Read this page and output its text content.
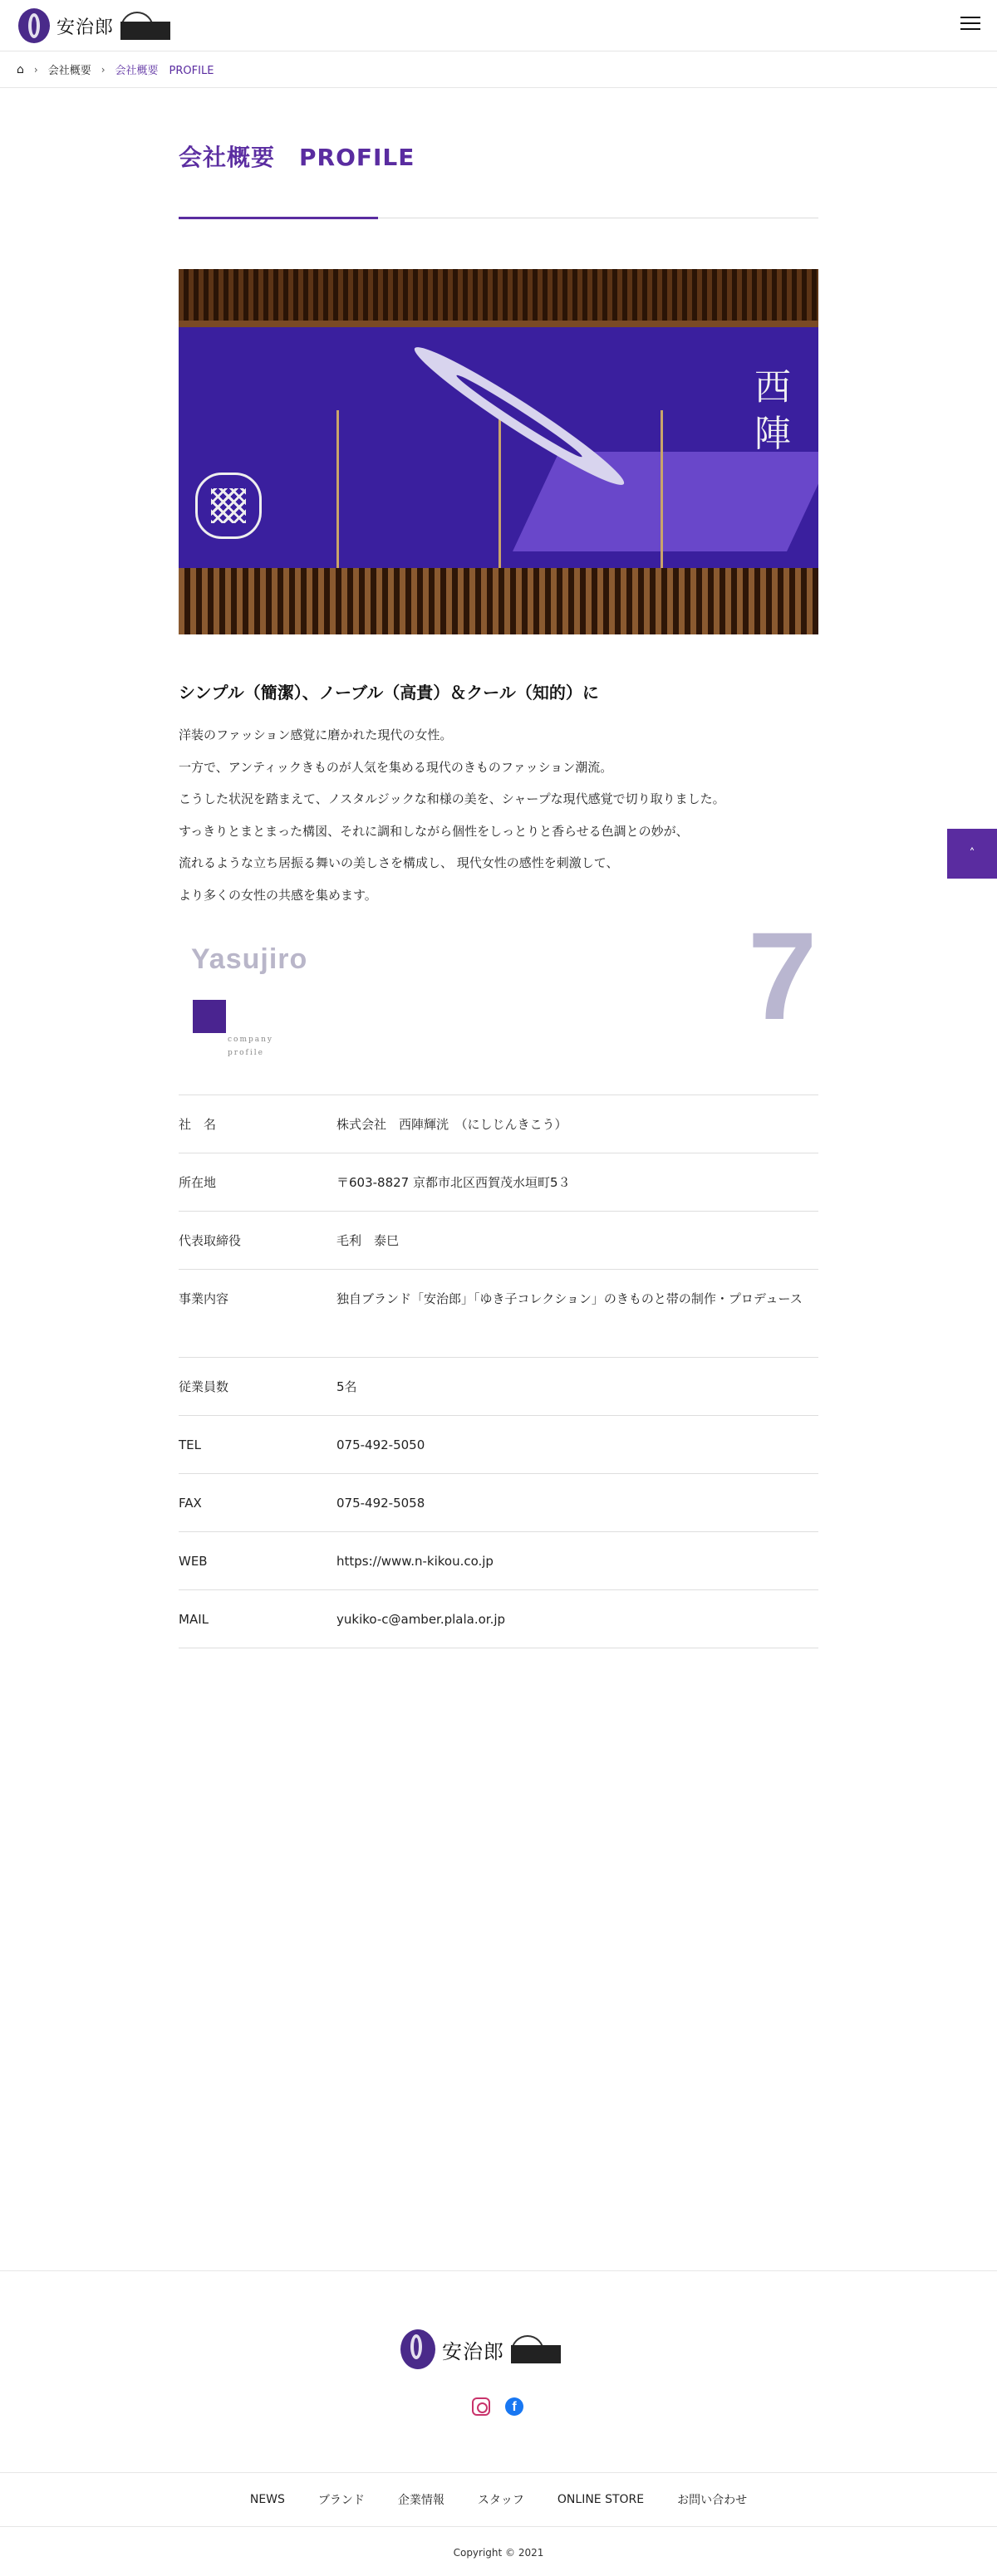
安治郎
⌂ › 会社概要 › 会社概要　PROFILE
会社概要　PROFILE
西
陣
シンプル（簡潔）、ノーブル（高貴）＆クール（知的）に

洋装のファッション感覚に磨かれた現代の女性。

一方で、アンティックきものが人気を集める現代のきものファッション潮流。

こうした状況を踏まえて、ノスタルジックな和様の美を、シャープな現代感覚で切り取りました。

すっきりとまとまった構図、それに調和しながら個性をしっとりと香らせる色調との妙が、

流れるような立ち居振る舞いの美しさを構成し、 現代女性の感性を刺激して、

より多くの女性の共感を集めます。

Yasujiro
company
profile
7
社　名	株式会社　西陣輝洸　（にしじんきこう）
所在地	〒603-8827 京都市北区西賀茂水垣町5３
代表取締役	毛利　泰巳
事業内容	独自ブランド「安治郎」「ゆき子コレクション」のきものと帯の制作・プロデュース
従業員数	5名
TEL	075-492-5050
FAX	075-492-5058
WEB	https://www.n-kikou.co.jp
MAIL	yukiko-c@amber.plala.or.jp
˄
安治郎
f
NEWS	ブランド	企業情報	スタッフ	ONLINE STORE	お問い合わせ
Copyright © 2021
